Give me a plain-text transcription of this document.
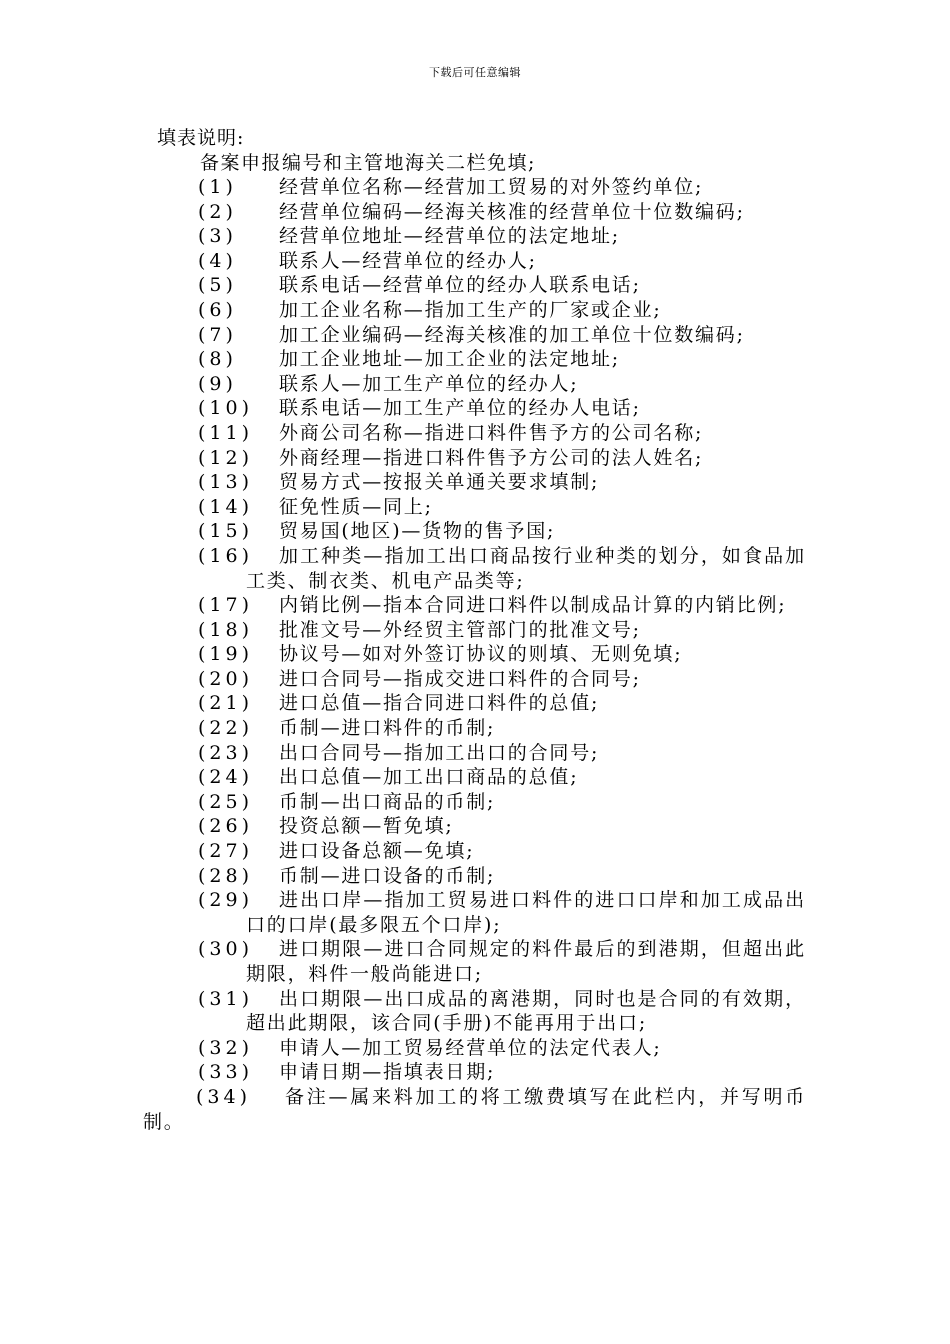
下载后可任意编辑
填表说明:
备案申报编号和主管地海关二栏免填;
(1) 经营单位名称—经营加工贸易的对外签约单位;
(2) 经营单位编码—经海关核准的经营单位十位数编码;
(3) 经营单位地址—经营单位的法定地址;
(4) 联系人—经营单位的经办人;
(5) 联系电话—经营单位的经办人联系电话;
(6) 加工企业名称—指加工生产的厂家或企业;
(7) 加工企业编码—经海关核准的加工单位十位数编码;
(8) 加工企业地址—加工企业的法定地址;
(9) 联系人—加工生产单位的经办人;
(10) 联系电话—加工生产单位的经办人电话;
(11) 外商公司名称—指进口料件售予方的公司名称;
(12) 外商经理—指进口料件售予方公司的法人姓名;
(13) 贸易方式—按报关单通关要求填制;
(14) 征免性质—同上;
(15) 贸易国(地区)—货物的售予国;
(16)	加工种类—指加工出口商品按行业种类的划分，如食品加工类、制衣类、机电产品类等;
(17)	内销比例—指本合同进口料件以制成品计算的内销比例;
(18) 批准文号—外经贸主管部门的批准文号;
(19) 协议号—如对外签订协议的则填、无则免填;
(20) 进口合同号—指成交进口料件的合同号;
(21) 进口总值—指合同进口料件的总值;
(22) 币制—进口料件的币制;
(23) 出口合同号—指加工出口的合同号;
(24) 出口总值—加工出口商品的总值;
(25) 币制—出口商品的币制;
(26) 投资总额—暂免填;
(27) 进口设备总额—免填;
(28) 币制—进口设备的币制;
(29)	进出口岸—指加工贸易进口料件的进口口岸和加工成品出口的口岸(最多限五个口岸);
(30)	进口期限—进口合同规定的料件最后的到港期，但超出此期限，料件一般尚能进口;
(31)	出口期限—出口成品的离港期，同时也是合同的有效期，超出此期限，该合同(手册)不能再用于出口;
(32) 申请人—加工贸易经营单位的法定代表人;
(33) 申请日期—指填表日期;
(34)	备注—属来料加工的将工缴费填写在此栏内，并写明币制。
